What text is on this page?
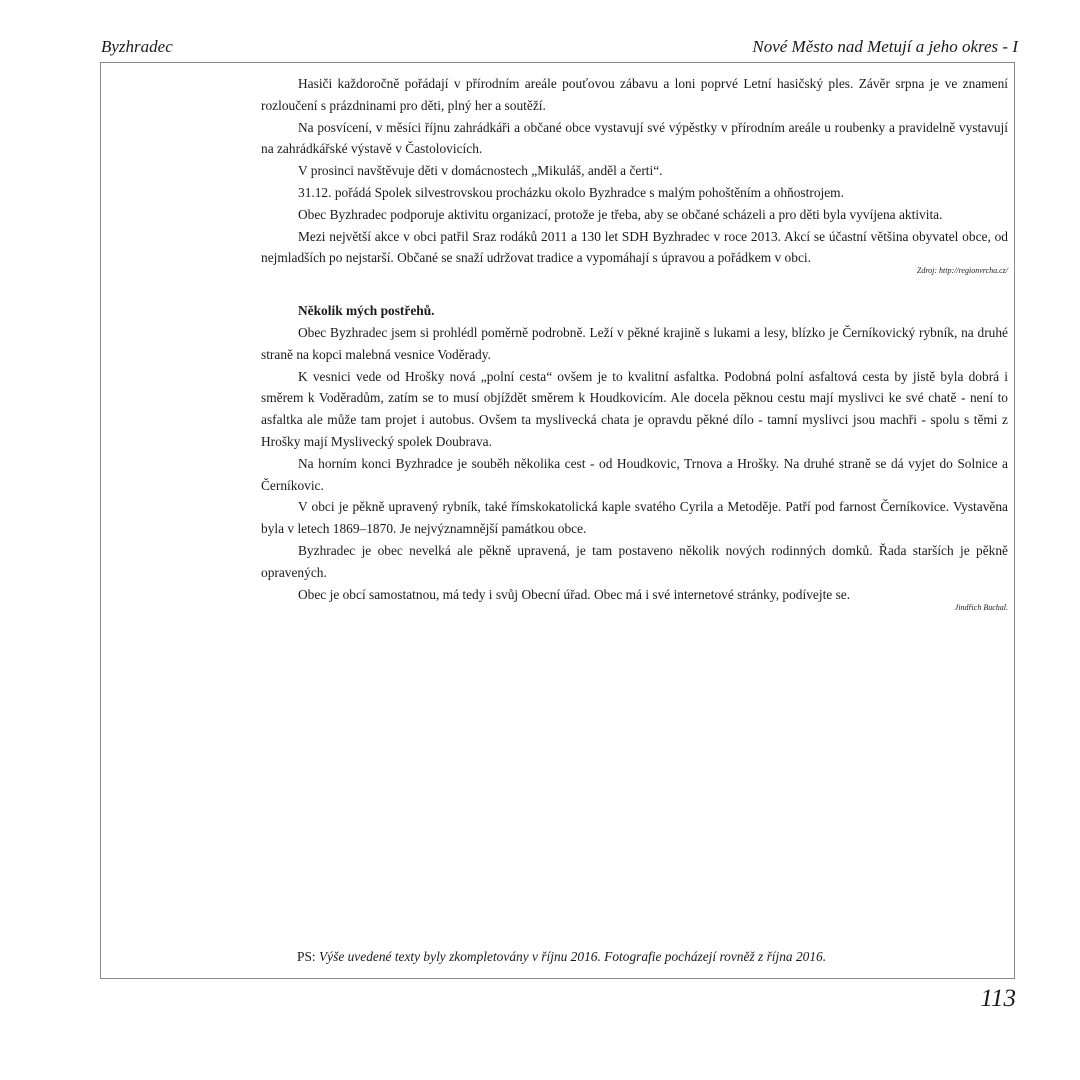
Byzhradec	Nové Město nad Metují a jeho okres - I

Hasiči každoročně pořádají v přírodním areále pouťovou zábavu a loni poprvé Letní hasičský ples. Závěr srpna je ve znamení rozloučení s prázdninami pro děti, plný her a soutěží.

Na posvícení, v měsíci říjnu zahrádkáři a občané obce vystavují své výpěstky v přírodním areále u roubenky a pravidelně vystavují na zahrádkářské výstavě v Častolovicích.

V prosinci navštěvuje děti v domácnostech „Mikuláš, anděl a čerti“.

31.12. pořádá Spolek silvestrovskou procházku okolo Byzhradce s malým pohoštěním a ohňostrojem.

Obec Byzhradec podporuje aktivitu organizací, protože je třeba, aby se občané scházeli a pro děti byla vyvíjena aktivita.

Mezi největší akce v obci patřil Sraz rodáků 2011 a 130 let SDH Byzhradec v roce 2013. Akcí se účastní většina obyvatel obce, od nejmladších po nejstarší. Občané se snaží udržovat tradice a vypomáhají s úpravou a pořádkem v obci.

Zdroj: http://regionvrcha.cz/

Několik mých postřehů.

Obec Byzhradec jsem si prohlédl poměrně podrobně. Leží v pěkné krajině s lukami a lesy, blízko je Černíkovický rybník, na druhé straně na kopci malebná vesnice Voděrady.

K vesnici vede od Hrošky nová „polní cesta“ ovšem je to kvalitní asfaltka. Podobná polní asfaltová cesta by jistě byla dobrá i směrem k Voděradům, zatím se to musí objíždět směrem k Houdkovicím. Ale docela pěknou cestu mají myslivci ke své chatě - není to asfaltka ale může tam projet i autobus. Ovšem ta myslivecká chata je opravdu pěkné dílo - tamní myslivci jsou machři - spolu s těmi z Hrošky mají Myslivecký spolek Doubrava.

Na horním konci Byzhradce je souběh několika cest - od Houdkovic, Trnova a Hrošky. Na druhé straně se dá vyjet do Solnice a Černíkovic.

V obci je pěkně upravený rybník, také římskokatolická kaple svatého Cyrila a Metoděje. Patří pod farnost Černíkovice. Vystavěna byla v letech 1869–1870. Je nejvýznamnější památkou obce.

Byzhradec je obec nevelká ale pěkně upravená, je tam postaveno několik nových rodinných domků. Řada starších je pěkně opravených.

Obec je obcí samostatnou, má tedy i svůj Obecní úřad. Obec má i své internetové stránky, podívejte se.

Jindřich Buchal.
PS: Výše uvedené texty byly zkompletovány v říjnu 2016. Fotografie pocházejí rovněž z října 2016.
113
